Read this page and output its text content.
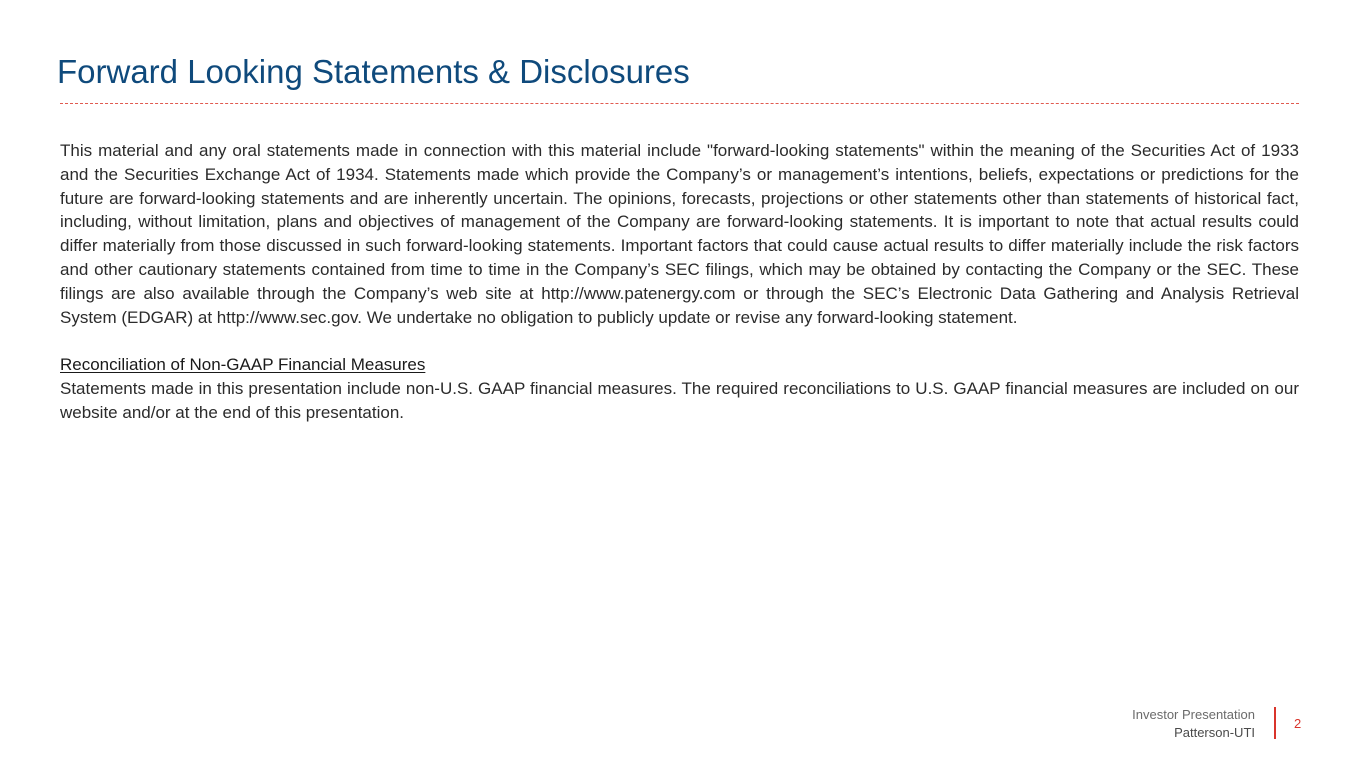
Forward Looking Statements & Disclosures

This material and any oral statements made in connection with this material include "forward-looking statements" within the meaning of the Securities Act of 1933 and the Securities Exchange Act of 1934. Statements made which provide the Company’s or management’s intentions, beliefs, expectations or predictions for the future are forward-looking statements and are inherently uncertain. The opinions, forecasts, projections or other statements other than statements of historical fact, including, without limitation, plans and objectives of management of the Company are forward-looking statements. It is important to note that actual results could differ materially from those discussed in such forward-looking statements. Important factors that could cause actual results to differ materially include the risk factors and other cautionary statements contained from time to time in the Company’s SEC filings, which may be obtained by contacting the Company or the SEC. These filings are also available through the Company’s web site at http://www.patenergy.com or through the SEC’s Electronic Data Gathering and Analysis Retrieval System (EDGAR) at http://www.sec.gov. We undertake no obligation to publicly update or revise any forward-looking statement.

Reconciliation of Non-GAAP Financial Measures

Statements made in this presentation include non-U.S. GAAP financial measures. The required reconciliations to U.S. GAAP financial measures are included on our website and/or at the end of this presentation.

Investor Presentation
Patterson-UTI
2
